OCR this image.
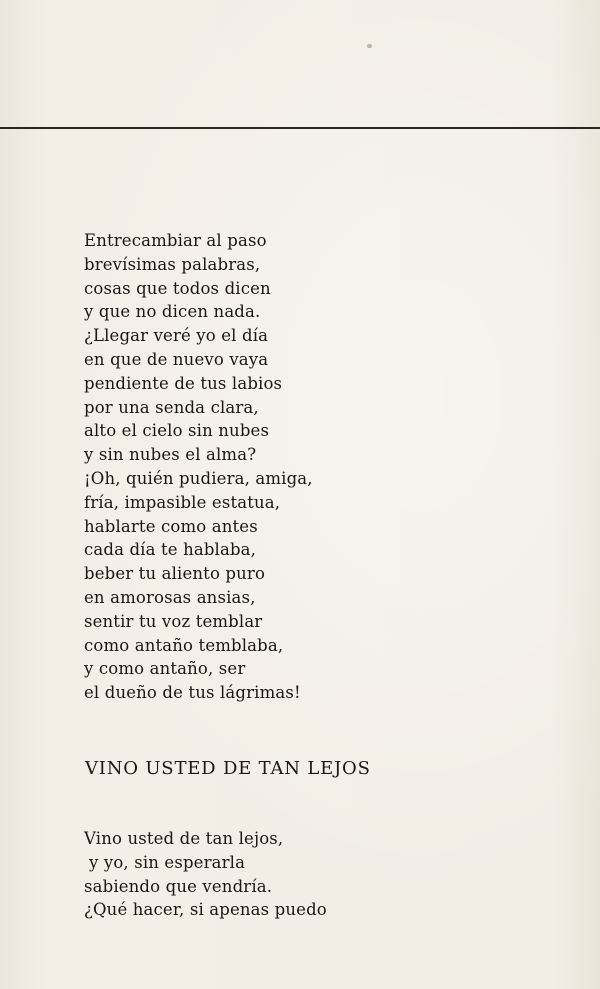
Entrecambiar al paso
brevísimas palabras,
cosas que todos dicen
y que no dicen nada.
¿Llegar veré yo el día
en que de nuevo vaya
pendiente de tus labios
por una senda clara,
alto el cielo sin nubes
y sin nubes el alma?
¡Oh, quién pudiera, amiga,
fría, impasible estatua,
hablarte como antes
cada día te hablaba,
beber tu aliento puro
en amorosas ansias,
sentir tu voz temblar
como antaño temblaba,
y como antaño, ser
el dueño de tus lágrimas!
VINO USTED DE TAN LEJOS
Vino usted de tan lejos,
y yo, sin esperarla
sabiendo que vendría.
¿Qué hacer, si apenas puedo
